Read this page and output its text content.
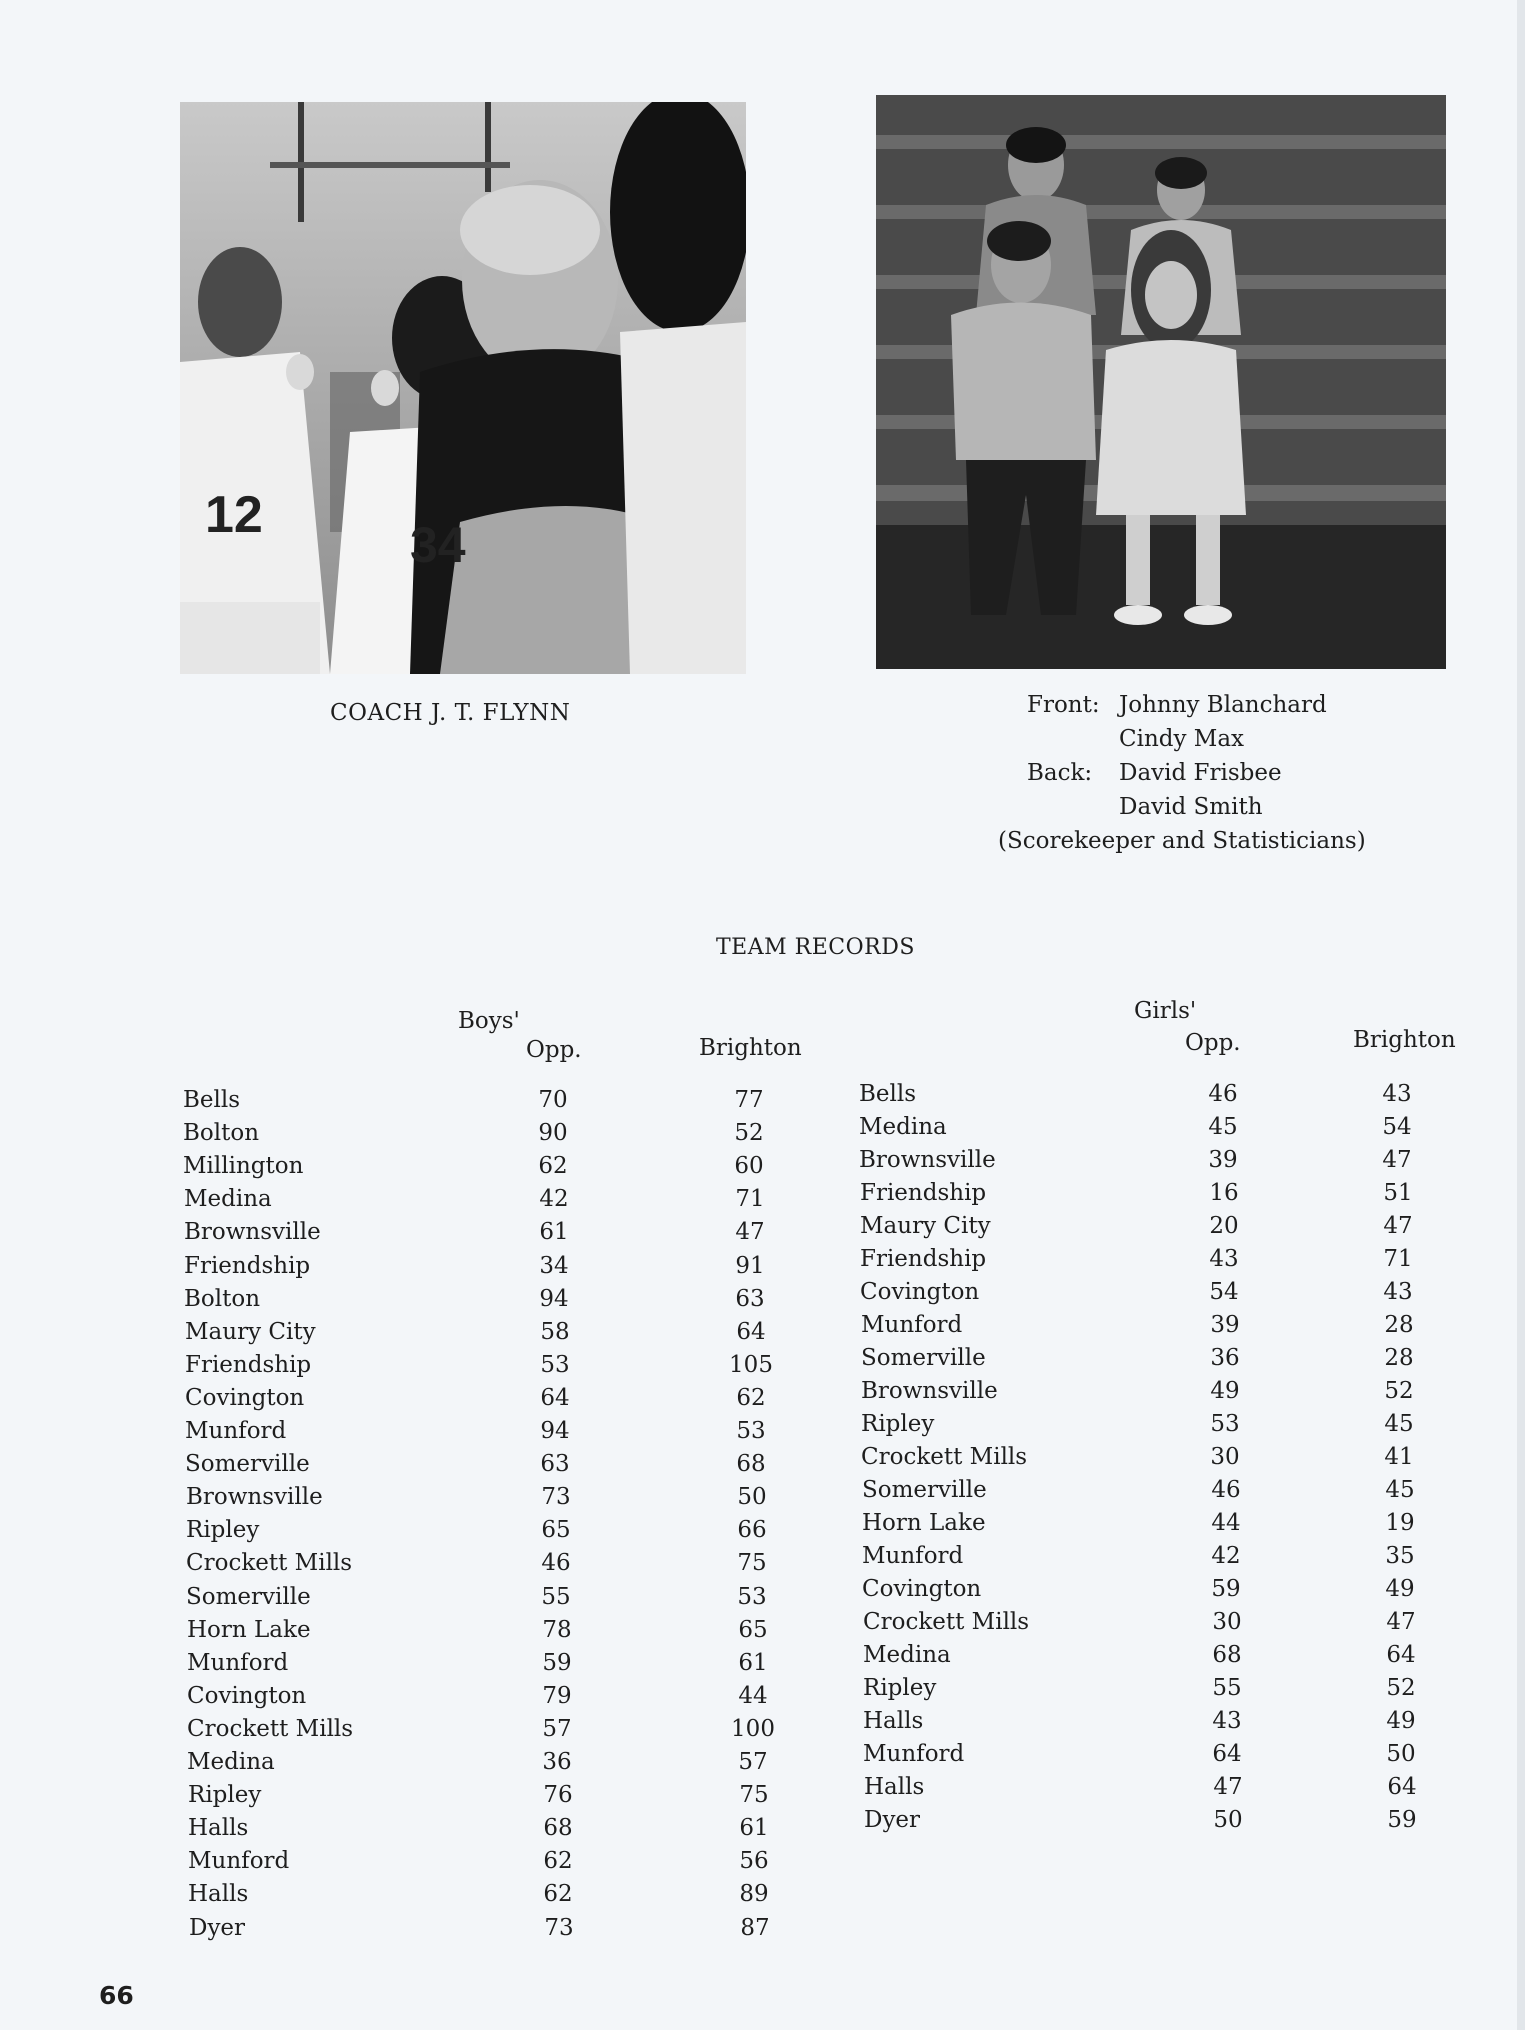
12
34
COACH J. T. FLYNN	Front: Johnny Blanchard
Cindy Max
Back: David Frisbee
David Smith
(Scorekeeper and Statisticians)
TEAM RECORDS
Boys'
Opp.	Brighton
Girls'
Opp.	Brighton
Bells	70	77
Bolton	90	52
Millington	62	60
Medina	42	71
Brownsville	61	47
Friendship	34	91
Bolton	94	63
Maury City	58	64
Friendship	53	105
Covington	64	62
Munford	94	53
Somerville	63	68
Brownsville	73	50
Ripley	65	66
Crockett Mills	46	75
Somerville	55	53
Horn Lake	78	65
Munford	59	61
Covington	79	44
Crockett Mills	57	100
Medina	36	57
Ripley	76	75
Halls	68	61
Munford	62	56
Halls	62	89
Dyer	73	87
Bells	46	43
Medina	45	54
Brownsville	39	47
Friendship	16	51
Maury City	20	47
Friendship	43	71
Covington	54	43
Munford	39	28
Somerville	36	28
Brownsville	49	52
Ripley	53	45
Crockett Mills	30	41
Somerville	46	45
Horn Lake	44	19
Munford	42	35
Covington	59	49
Crockett Mills	30	47
Medina	68	64
Ripley	55	52
Halls	43	49
Munford	64	50
Halls	47	64
Dyer	50	59
66
